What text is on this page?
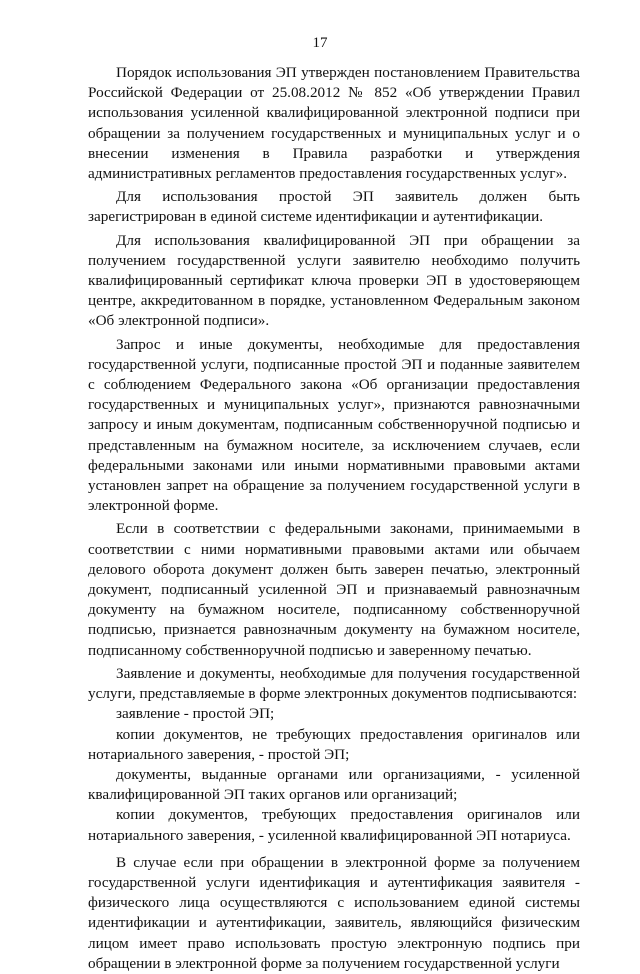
17

Порядок использования ЭП утвержден постановлением Правительства Российской Федерации от 25.08.2012 № 852 «Об утверждении Правил использования усиленной квалифицированной электронной подписи при обращении за получением государственных и муниципальных услуг и о внесении изменения в Правила разработки и утверждения административных регламентов предоставления государственных услуг».

Для использования простой ЭП заявитель должен быть зарегистрирован в единой системе идентификации и аутентификации.

Для использования квалифицированной ЭП при обращении за получением государственной услуги заявителю необходимо получить квалифицированный сертификат ключа проверки ЭП в удостоверяющем центре, аккредитованном в порядке, установленном Федеральным законом «Об электронной подписи».

Запрос и иные документы, необходимые для предоставления государственной услуги, подписанные простой ЭП и поданные заявителем с соблюдением Федерального закона «Об организации предоставления государственных и муниципальных услуг», признаются равнозначными запросу и иным документам, подписанным собственноручной подписью и представленным на бумажном носителе, за исключением случаев, если федеральными законами или иными нормативными правовыми актами установлен запрет на обращение за получением государственной услуги в электронной форме.

Если в соответствии с федеральными законами, принимаемыми в соответствии с ними нормативными правовыми актами или обычаем делового оборота документ должен быть заверен печатью, электронный документ, подписанный усиленной ЭП и признаваемый равнозначным документу на бумажном носителе, подписанному собственноручной подписью, признается равнозначным документу на бумажном носителе, подписанному собственноручной подписью и заверенному печатью.

Заявление и документы, необходимые для получения государственной услуги, представляемые в форме электронных документов подписываются:

заявление - простой ЭП;

копии документов, не требующих предоставления оригиналов или нотариального заверения, - простой ЭП;

документы, выданные органами или организациями, - усиленной квалифицированной ЭП таких органов или организаций;

копии документов, требующих предоставления оригиналов или нотариального заверения, - усиленной квалифицированной ЭП нотариуса.

В случае если при обращении в электронной форме за получением государственной услуги идентификация и аутентификация заявителя - физического лица осуществляются с использованием единой системы идентификации и аутентификации, заявитель, являющийся физическим лицом имеет право использовать простую электронную подпись при обращении в электронной форме за получением государственной услуги
